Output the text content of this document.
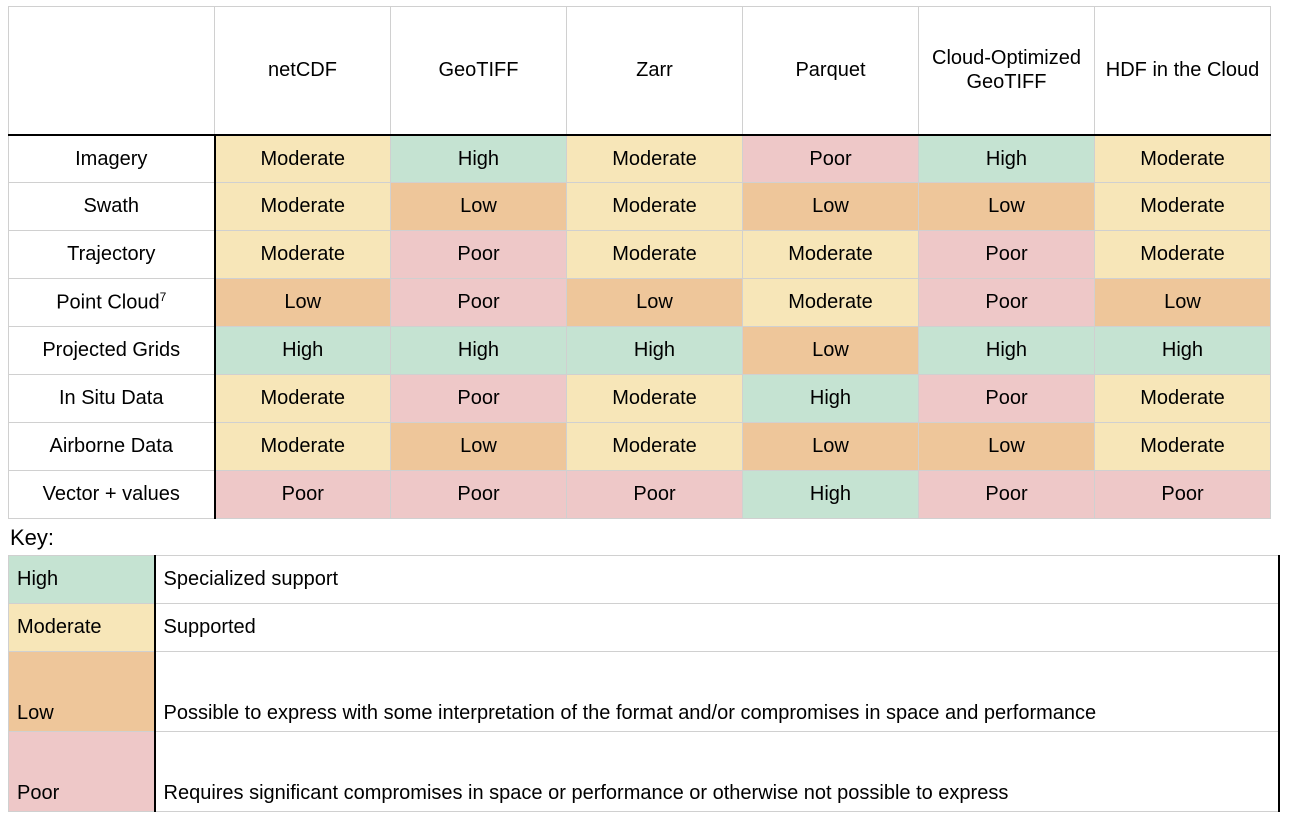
	netCDF	GeoTIFF	Zarr	Parquet	Cloud-Optimized GeoTIFF	HDF in the Cloud
Imagery	Moderate	High	Moderate	Poor	High	Moderate
Swath	Moderate	Low	Moderate	Low	Low	Moderate
Trajectory	Moderate	Poor	Moderate	Moderate	Poor	Moderate
Point Cloud$^7$	Low	Poor	Low	Moderate	Poor	Low
Projected Grids	High	High	High	Low	High	High
In Situ Data	Moderate	Poor	Moderate	High	Poor	Moderate
Airborne Data	Moderate	Low	Moderate	Low	Low	Moderate
Vector + values	Poor	Poor	Poor	High	Poor	Poor
Key:
High	Specialized support
Moderate	Supported
Low	Possible to express with some interpretation of the format and/or compromises in space and performance
Poor	Requires significant compromises in space or performance or otherwise not possible to express
